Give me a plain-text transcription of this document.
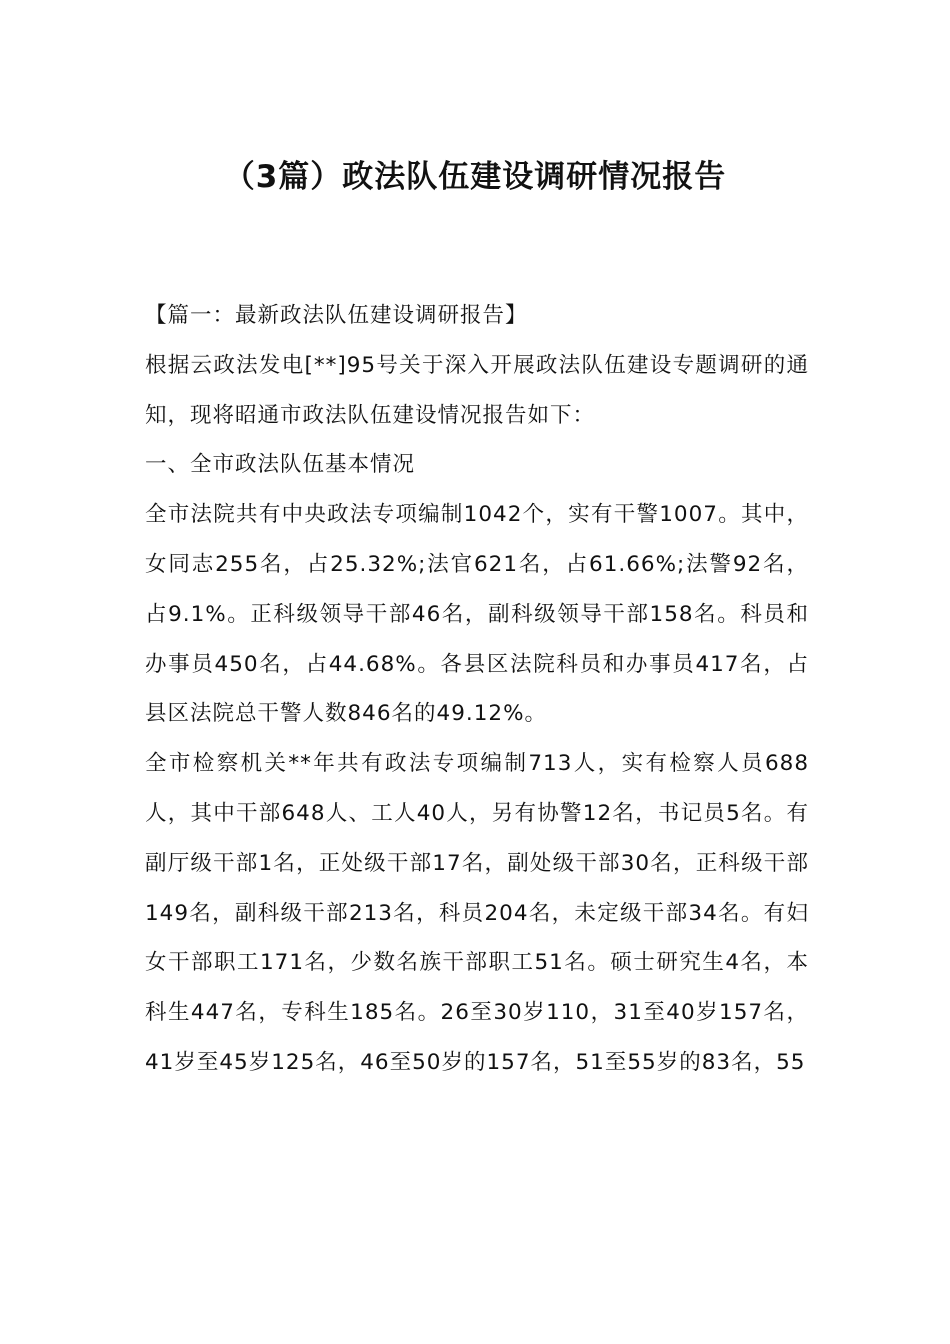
（3篇）政法队伍建设调研情况报告

【篇一：最新政法队伍建设调研报告】

根据云政法发电[**]95号关于深入开展政法队伍建设专题调研的通知，现将昭通市政法队伍建设情况报告如下：

一、全市政法队伍基本情况

全市法院共有中央政法专项编制1042个，实有干警1007。其中，女同志255名，占25.32%;法官621名，占61.66%;法警92名，占9.1%。正科级领导干部46名，副科级领导干部158名。科员和办事员450名，占44.68%。各县区法院科员和办事员417名，占县区法院总干警人数846名的49.12%。

全市检察机关**年共有政法专项编制713人，实有检察人员688人，其中干部648人、工人40人，另有协警12名，书记员5名。有副厅级干部1名，正处级干部17名，副处级干部30名，正科级干部149名，副科级干部213名，科员204名，未定级干部34名。有妇女干部职工171名，少数名族干部职工51名。硕士研究生4名，本科生447名，专科生185名。26至30岁110，31至40岁157名，41岁至45岁125名，46至50岁的157名，51至55岁的83名，55
